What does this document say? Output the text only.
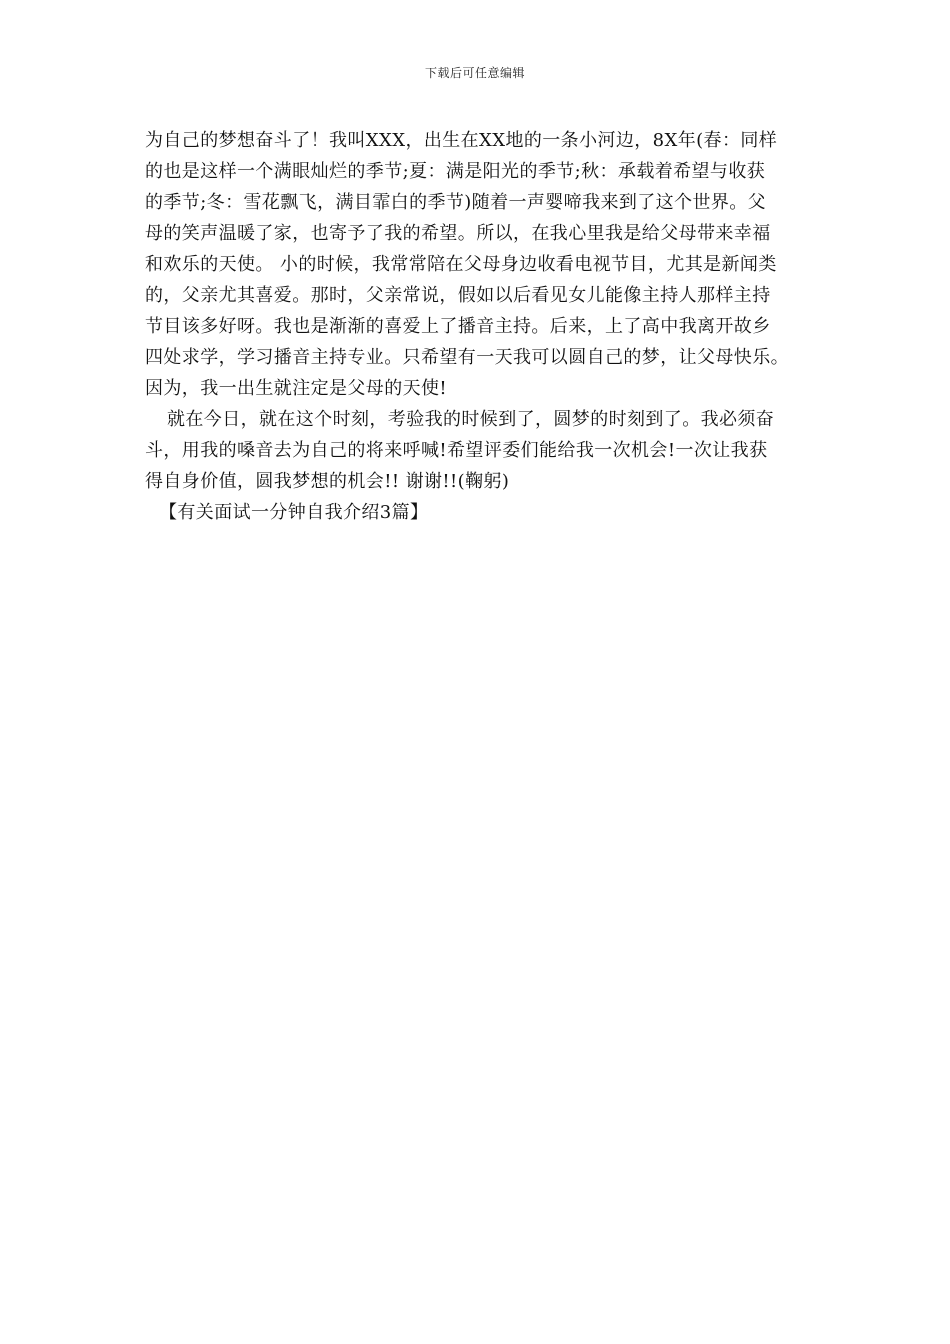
下载后可任意编辑
为自己的梦想奋斗了！我叫XXX，出生在XX地的一条小河边，8X年(春：同样
的也是这样一个满眼灿烂的季节;夏：满是阳光的季节;秋：承载着希望与收获
的季节;冬：雪花飘飞，满目霏白的季节)随着一声婴啼我来到了这个世界。父
母的笑声温暖了家，也寄予了我的希望。所以，在我心里我是给父母带来幸福
和欢乐的天使。 小的时候，我常常陪在父母身边收看电视节目，尤其是新闻类
的，父亲尤其喜爱。那时，父亲常说，假如以后看见女儿能像主持人那样主持
节目该多好呀。我也是渐渐的喜爱上了播音主持。后来，上了高中我离开故乡
四处求学，学习播音主持专业。只希望有一天我可以圆自己的梦，让父母快乐。
因为，我一出生就注定是父母的天使!
就在今日，就在这个时刻，考验我的时候到了，圆梦的时刻到了。我必须奋
斗，用我的嗓音去为自己的将来呼喊!希望评委们能给我一次机会!一次让我获
得自身价值，圆我梦想的机会!! 谢谢!!(鞠躬)
【有关面试一分钟自我介绍3篇】
